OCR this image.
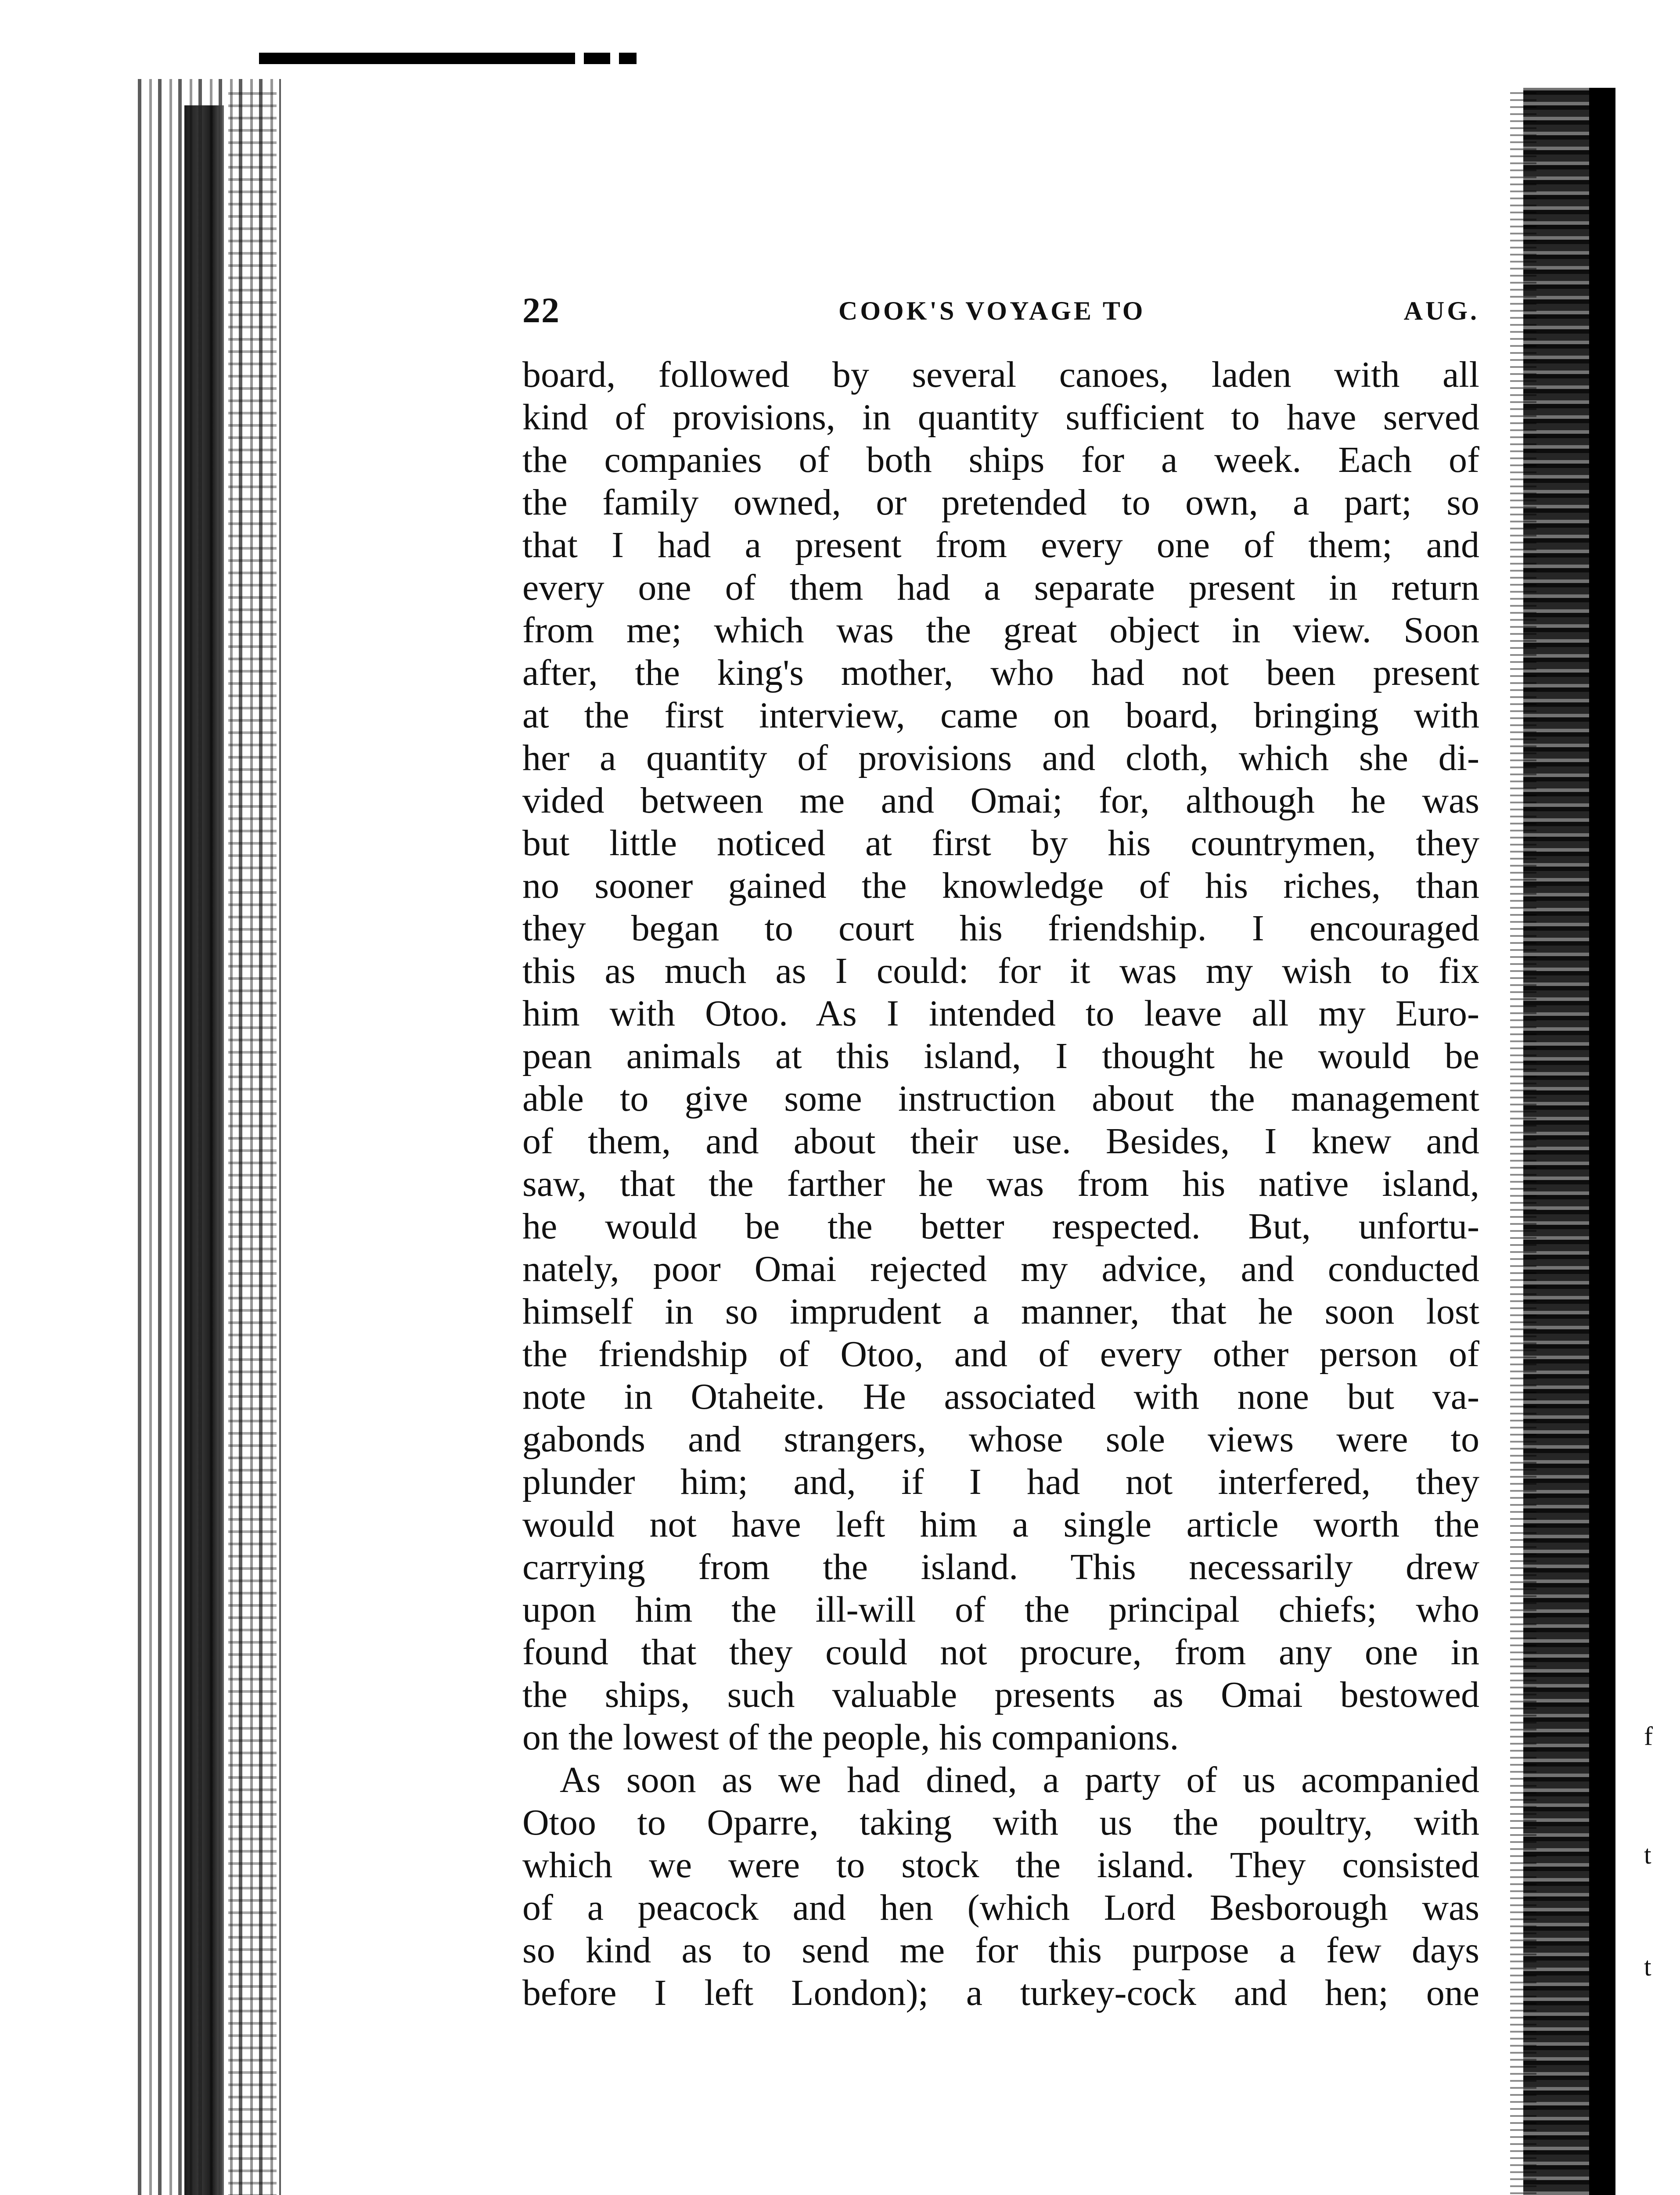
f
t
t
22	COOK'S VOYAGE TO	AUG.
board, followed by several canoes, laden with all
kind of provisions, in quantity sufficient to have served
the companies of both ships for a week. Each of
the family owned, or pretended to own, a part; so
that I had a present from every one of them; and
every one of them had a separate present in return
from me; which was the great object in view. Soon
after, the king's mother, who had not been present
at the first interview, came on board, bringing with
her a quantity of provisions and cloth, which she di-
vided between me and Omai; for, although he was
but little noticed at first by his countrymen, they
no sooner gained the knowledge of his riches, than
they began to court his friendship. I encouraged
this as much as I could: for it was my wish to fix
him with Otoo. As I intended to leave all my Euro-
pean animals at this island, I thought he would be
able to give some instruction about the management
of them, and about their use. Besides, I knew and
saw, that the farther he was from his native island,
he would be the better respected. But, unfortu-
nately, poor Omai rejected my advice, and conducted
himself in so imprudent a manner, that he soon lost
the friendship of Otoo, and of every other person of
note in Otaheite. He associated with none but va-
gabonds and strangers, whose sole views were to
plunder him; and, if I had not interfered, they
would not have left him a single article worth the
carrying from the island. This necessarily drew
upon him the ill-will of the principal chiefs; who
found that they could not procure, from any one in
the ships, such valuable presents as Omai bestowed
on the lowest of the people, his companions.
As soon as we had dined, a party of us acompanied
Otoo to Oparre, taking with us the poultry, with
which we were to stock the island. They consisted
of a peacock and hen (which Lord Besborough was
so kind as to send me for this purpose a few days
before I left London); a turkey-cock and hen; one
